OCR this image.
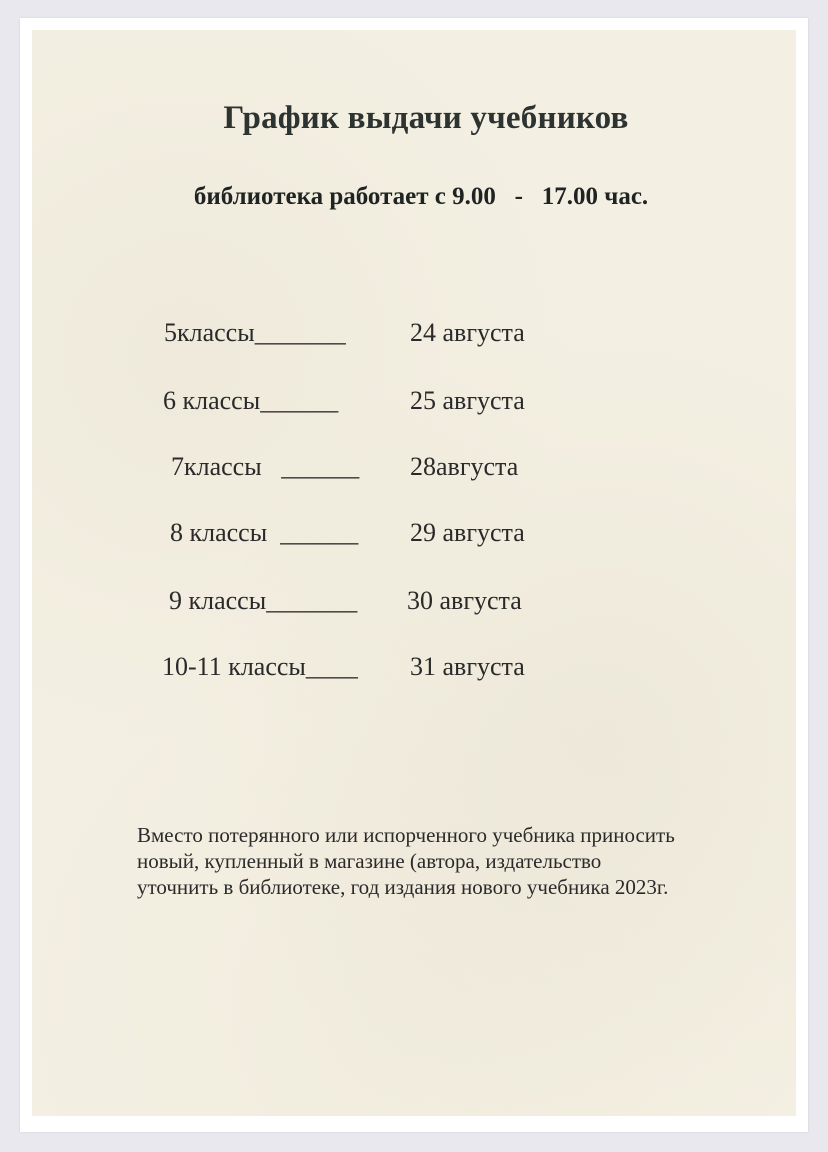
График выдачи учебников

библиотека работает с 9.00   -   17.00 час.

5классы_______ 24 августа
6 классы______	25 августа
7классы   ______ 28августа
8 классы  ______ 29 августа
9 классы_______ 30 августа
10-11 классы____ 31 августа
Вместо потерянного или испорченного учебника приносить
новый, купленный в магазине (автора, издательство
уточнить в библиотеке, год издания нового учебника 2023г.
